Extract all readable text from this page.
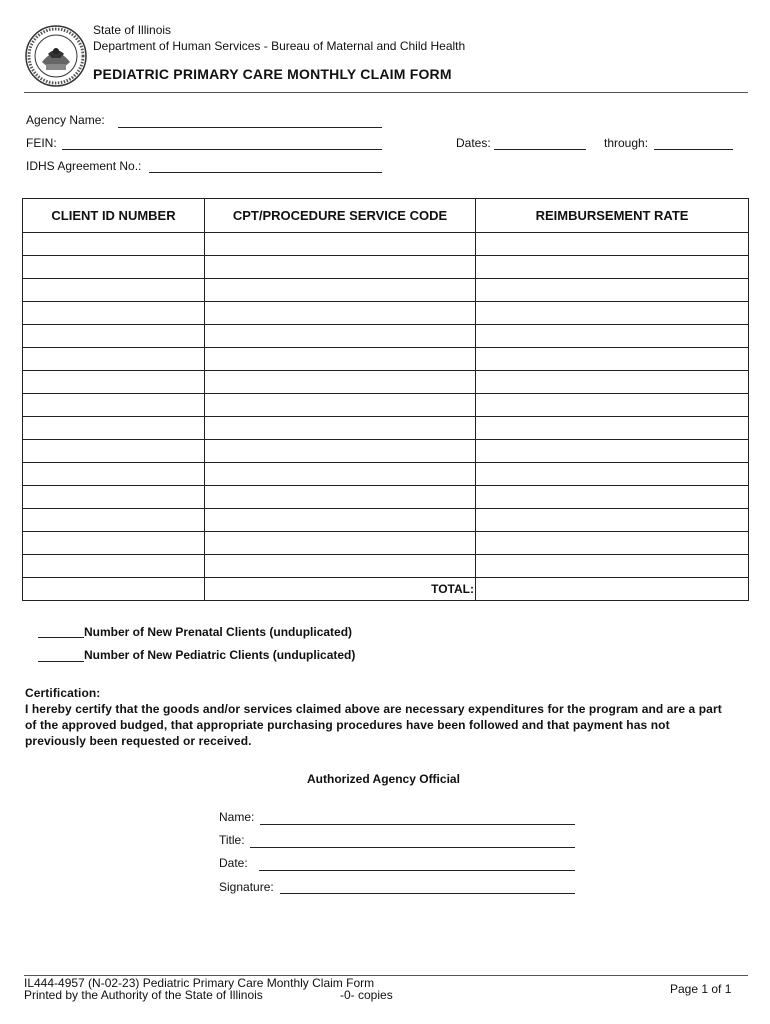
State of Illinois
Department of Human Services - Bureau of Maternal and Child Health
PEDIATRIC PRIMARY CARE MONTHLY CLAIM FORM
Agency Name:
FEIN:	Dates:	through:
IDHS Agreement No.:
CLIENT ID NUMBER	CPT/PROCEDURE SERVICE CODE	REIMBURSEMENT RATE

	TOTAL:	
Number of New Prenatal Clients (unduplicated)
Number of New Pediatric Clients (unduplicated)
Certification:
I hereby certify that the goods and/or services claimed above are necessary expenditures for the program and are a part
of the approved budged, that appropriate purchasing procedures have been followed and that payment has not
previously been requested or received.
Authorized Agency Official
Name:
Title:
Date:
Signature:
IL444-4957 (N-02-23) Pediatric Primary Care Monthly Claim Form
Printed by the Authority of the State of Illinois	-0- copies	Page 1 of 1
